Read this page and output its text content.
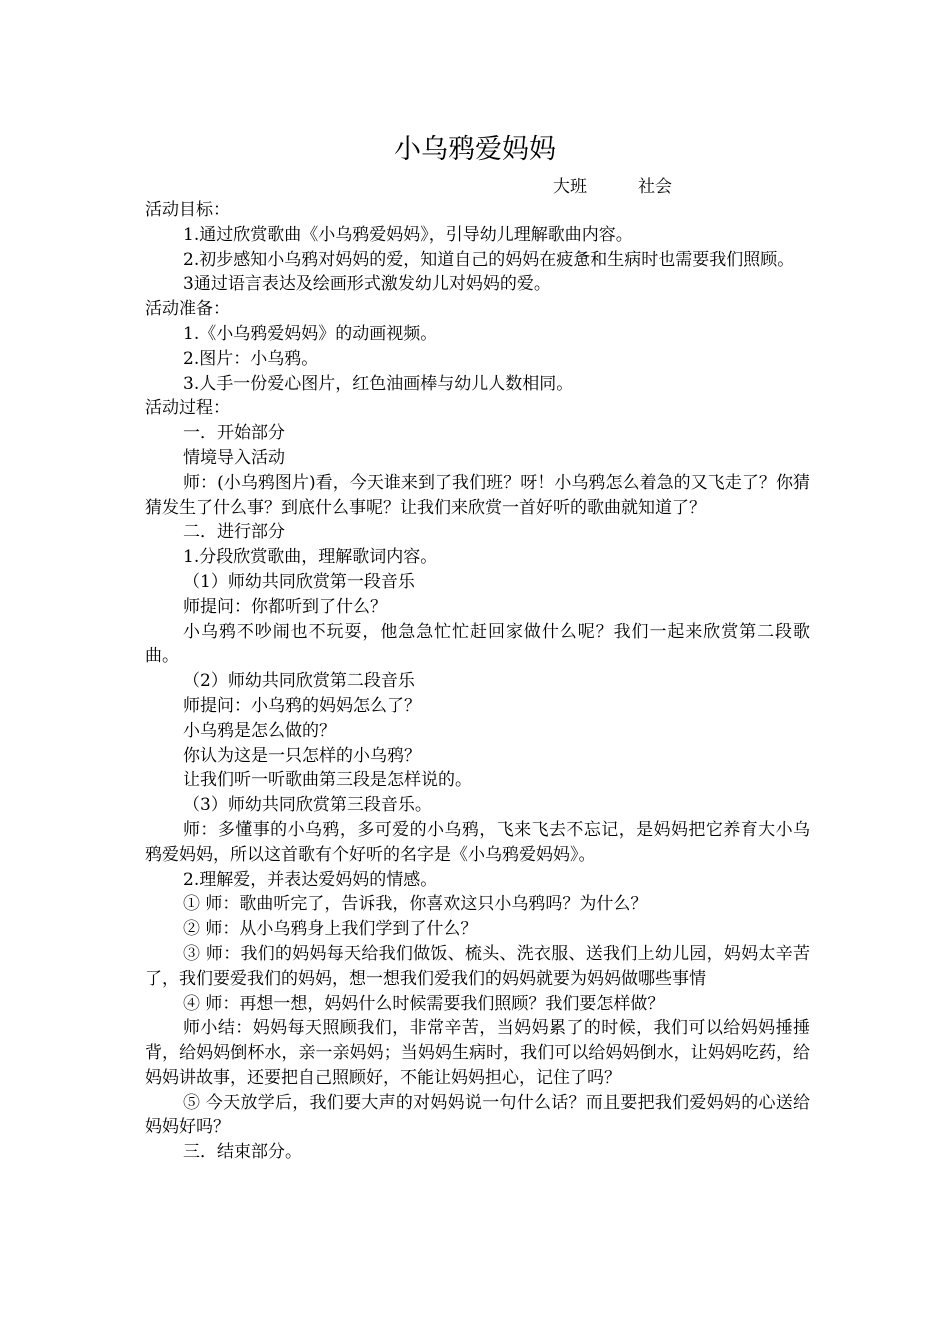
小乌鸦爱妈妈
大班	社会

活动目标：

1.通过欣赏歌曲《小乌鸦爱妈妈》，引导幼儿理解歌曲内容。

2.初步感知小乌鸦对妈妈的爱，知道自己的妈妈在疲惫和生病时也需要我们照顾。

3通过语言表达及绘画形式激发幼儿对妈妈的爱。

活动准备：

1.《小乌鸦爱妈妈》的动画视频。

2.图片：小乌鸦。

3.人手一份爱心图片，红色油画棒与幼儿人数相同。

活动过程：

一．开始部分

情境导入活动

师：(小乌鸦图片)看，今天谁来到了我们班？呀！小乌鸦怎么着急的又飞走了？你猜猜发生了什么事？到底什么事呢？让我们来欣赏一首好听的歌曲就知道了？

二．进行部分

1.分段欣赏歌曲，理解歌词内容。

（1）师幼共同欣赏第一段音乐

师提问：你都听到了什么？

小乌鸦不吵闹也不玩耍，他急急忙忙赶回家做什么呢？我们一起来欣赏第二段歌曲。

（2）师幼共同欣赏第二段音乐

师提问：小乌鸦的妈妈怎么了？

小乌鸦是怎么做的？

你认为这是一只怎样的小乌鸦？

让我们听一听歌曲第三段是怎样说的。

（3）师幼共同欣赏第三段音乐。

师：多懂事的小乌鸦，多可爱的小乌鸦，飞来飞去不忘记，是妈妈把它养育大小乌鸦爱妈妈，所以这首歌有个好听的名字是《小乌鸦爱妈妈》。

2.理解爱，并表达爱妈妈的情感。

① 师：歌曲听完了，告诉我，你喜欢这只小乌鸦吗？为什么？

② 师：从小乌鸦身上我们学到了什么？

③ 师：我们的妈妈每天给我们做饭、梳头、洗衣服、送我们上幼儿园，妈妈太辛苦了，我们要爱我们的妈妈，想一想我们爱我们的妈妈就要为妈妈做哪些事情

④ 师：再想一想，妈妈什么时候需要我们照顾？我们要怎样做？

师小结：妈妈每天照顾我们，非常辛苦，当妈妈累了的时候，我们可以给妈妈捶捶背，给妈妈倒杯水，亲一亲妈妈；当妈妈生病时，我们可以给妈妈倒水，让妈妈吃药，给妈妈讲故事，还要把自己照顾好，不能让妈妈担心，记住了吗？

⑤ 今天放学后，我们要大声的对妈妈说一句什么话？而且要把我们爱妈妈的心送给妈妈好吗？

三．结束部分。
